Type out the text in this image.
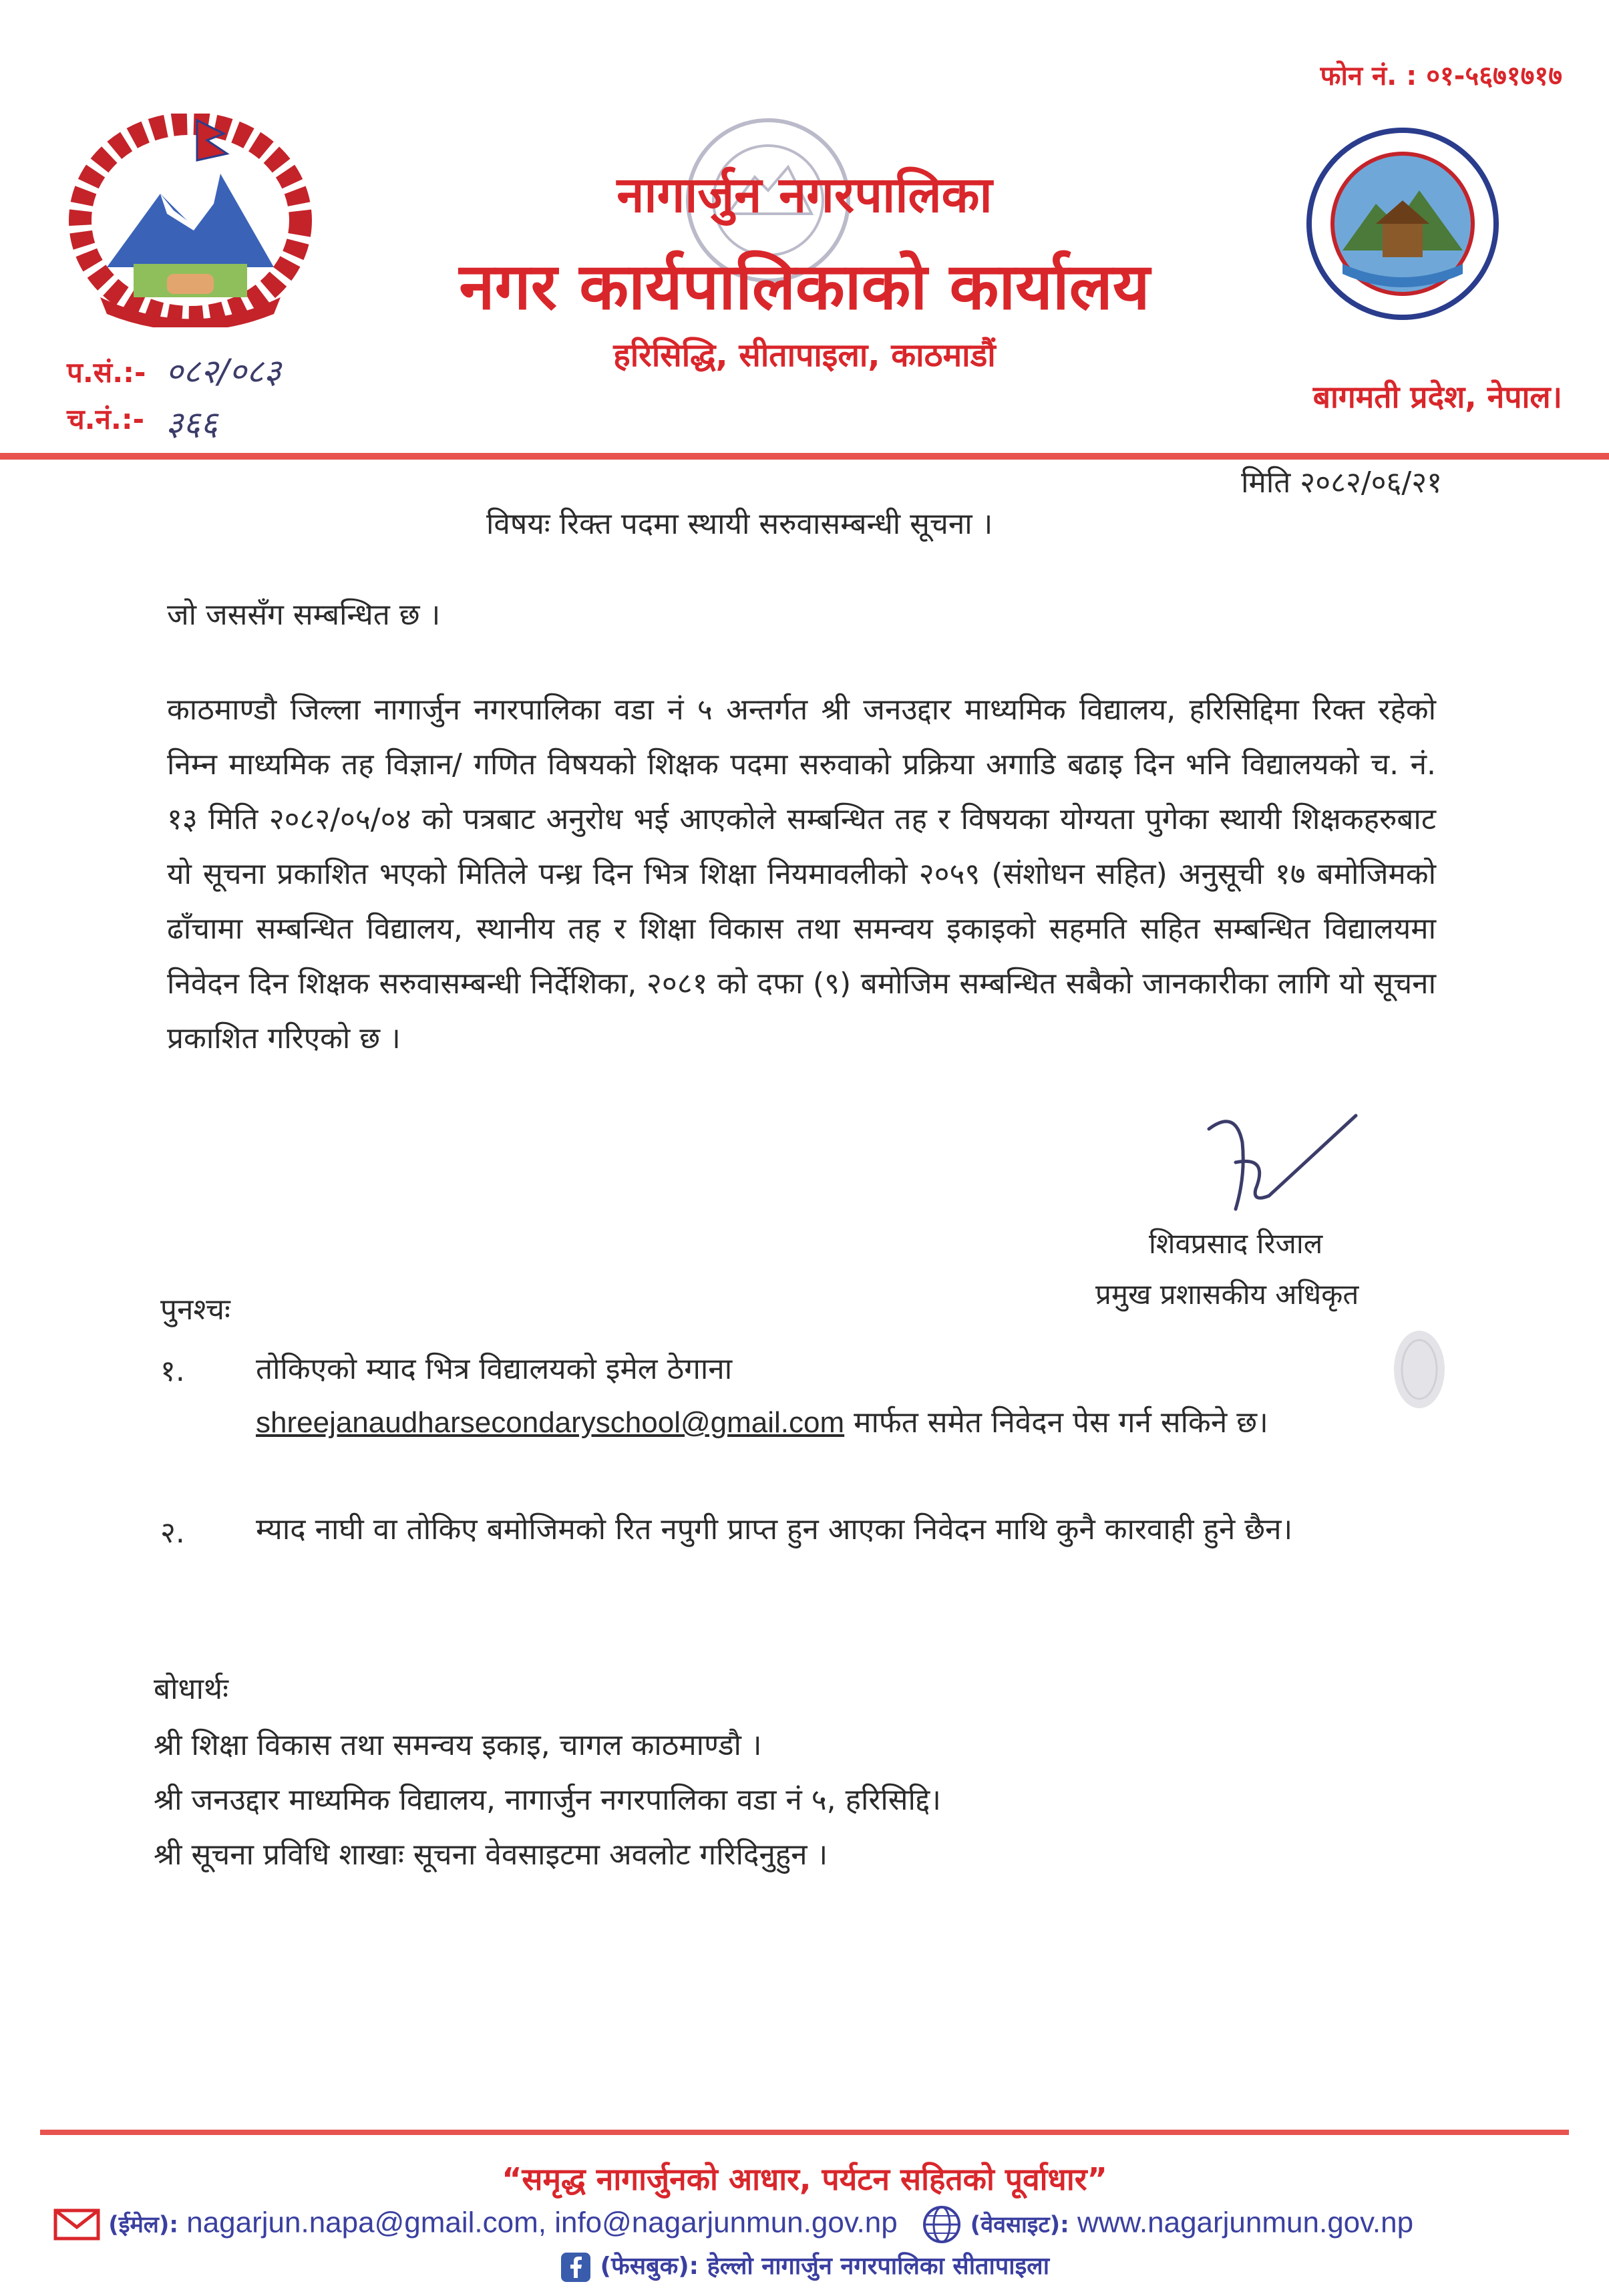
फोन नं. : ०१-५६७१७१७
नागार्जुन नगरपालिका
नगर कार्यपालिकाको कार्यालय
हरिसिद्धि, सीतापाइला, काठमाडौं
प.सं.:- ०८२/०८३
च.नं.:- ३६६
बागमती प्रदेश, नेपाल।
मिति २०८२/०६/२१
विषयः रिक्त पदमा स्थायी सरुवासम्बन्धी सूचना ।
जो जससँग सम्बन्धित छ ।
काठमाण्डौ जिल्ला नागार्जुन नगरपालिका वडा नं ५ अन्तर्गत श्री जनउद्दार माध्यमिक विद्यालय, हरिसिद्दिमा रिक्त रहेको निम्न माध्यमिक तह विज्ञान/ गणित विषयको शिक्षक पदमा सरुवाको प्रक्रिया अगाडि बढाइ दिन भनि विद्यालयको च. नं. १३ मिति २०८२/०५/०४ को पत्रबाट अनुरोध भई आएकोले सम्बन्धित तह र विषयका योग्यता पुगेका स्थायी शिक्षकहरुबाट यो सूचना प्रकाशित भएको मितिले पन्ध्र दिन भित्र शिक्षा नियमावलीको २०५९ (संशोधन सहित) अनुसूची १७ बमोजिमको ढाँचामा सम्बन्धित विद्यालय, स्थानीय तह र शिक्षा विकास तथा समन्वय इकाइको सहमति सहित सम्बन्धित विद्यालयमा निवेदन दिन शिक्षक सरुवासम्बन्धी निर्देशिका, २०८१ को दफा (९) बमोजिम सम्बन्धित सबैको जानकारीका लागि यो सूचना प्रकाशित गरिएको छ ।
शिवप्रसाद रिजाल
प्रमुख प्रशासकीय अधिकृत
पुनश्चः
१. तोकिएको म्याद भित्र विद्यालयको इमेल ठेगाना
shreejanaudharsecondaryschool@gmail.com मार्फत समेत निवेदन पेस गर्न सकिने छ।
२. म्याद नाघी वा तोकिए बमोजिमको रित नपुगी प्राप्त हुन आएका निवेदन माथि कुनै कारवाही हुने छैन।
बोधार्थः
श्री शिक्षा विकास तथा समन्वय इकाइ, चागल काठमाण्डौ ।
श्री जनउद्दार माध्यमिक विद्यालय, नागार्जुन नगरपालिका वडा नं ५, हरिसिद्दि।
श्री सूचना प्रविधि शाखाः सूचना वेवसाइटमा अवलोट गरिदिनुहुन ।
“समृद्ध नागार्जुनको आधार, पर्यटन सहितको पूर्वाधार”
(ईमेल): nagarjun.napa@gmail.com, info@nagarjunmun.gov.np	(वेवसाइट): www.nagarjunmun.gov.np
(फेसबुक): हेल्लो नागार्जुन नगरपालिका सीतापाइला
